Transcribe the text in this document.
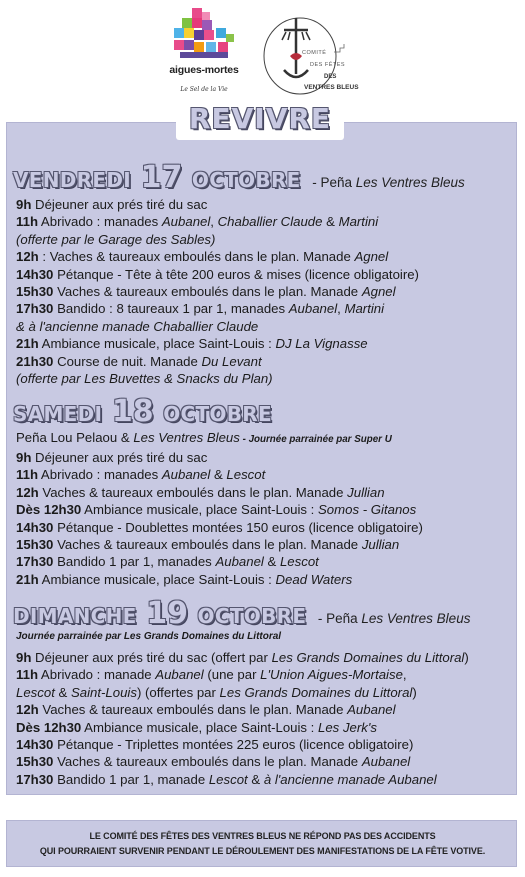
aigues-mortes
Le Sel de la Vie
COMITÉ
DES FÊTES
DES
VENTRES BLEUS
REVIVRE
VENDREDI 17 OCTOBRE - Peña Les Ventres Bleus
9h Déjeuner aux prés tiré du sac
11h Abrivado : manades Aubanel, Chaballier Claude & Martini
(offerte par le Garage des Sables)
12h : Vaches & taureaux emboulés dans le plan. Manade Agnel
14h30 Pétanque - Tête à tête 200 euros & mises (licence obligatoire)
15h30 Vaches & taureaux emboulés dans le plan. Manade Agnel
17h30 Bandido : 8 taureaux 1 par 1, manades Aubanel, Martini
& à l'ancienne manade Chaballier Claude
21h Ambiance musicale, place Saint-Louis : DJ La Vignasse
21h30 Course de nuit. Manade Du Levant
(offerte par Les Buvettes & Snacks du Plan)
SAMEDI 18 OCTOBRE
Peña Lou Pelaou & Les Ventres Bleus - Journée parrainée par Super U
9h Déjeuner aux prés tiré du sac
11h Abrivado : manades Aubanel & Lescot
12h Vaches & taureaux emboulés dans le plan. Manade Jullian
Dès 12h30 Ambiance musicale, place Saint-Louis : Somos - Gitanos
14h30 Pétanque - Doublettes montées 150 euros (licence obligatoire)
15h30 Vaches & taureaux emboulés dans le plan. Manade Jullian
17h30 Bandido 1 par 1, manades Aubanel & Lescot
21h Ambiance musicale, place Saint-Louis : Dead Waters
DIMANCHE 19 OCTOBRE - Peña Les Ventres Bleus
Journée parrainée par Les Grands Domaines du Littoral
9h Déjeuner aux prés tiré du sac (offert par Les Grands Domaines du Littoral)
11h Abrivado : manade Aubanel (une par L'Union Aigues-Mortaise,
Lescot & Saint-Louis) (offertes par Les Grands Domaines du Littoral)
12h Vaches & taureaux emboulés dans le plan. Manade Aubanel
Dès 12h30 Ambiance musicale, place Saint-Louis : Les Jerk's
14h30 Pétanque - Triplettes montées 225 euros (licence obligatoire)
15h30 Vaches & taureaux emboulés dans le plan. Manade Aubanel
17h30 Bandido 1 par 1, manade Lescot & à l'ancienne manade Aubanel
LE COMITÉ DES FÊTES DES VENTRES BLEUS NE RÉPOND PAS DES ACCIDENTS
QUI POURRAIENT SURVENIR PENDANT LE DÉROULEMENT DES MANIFESTATIONS DE LA FÊTE VOTIVE.
